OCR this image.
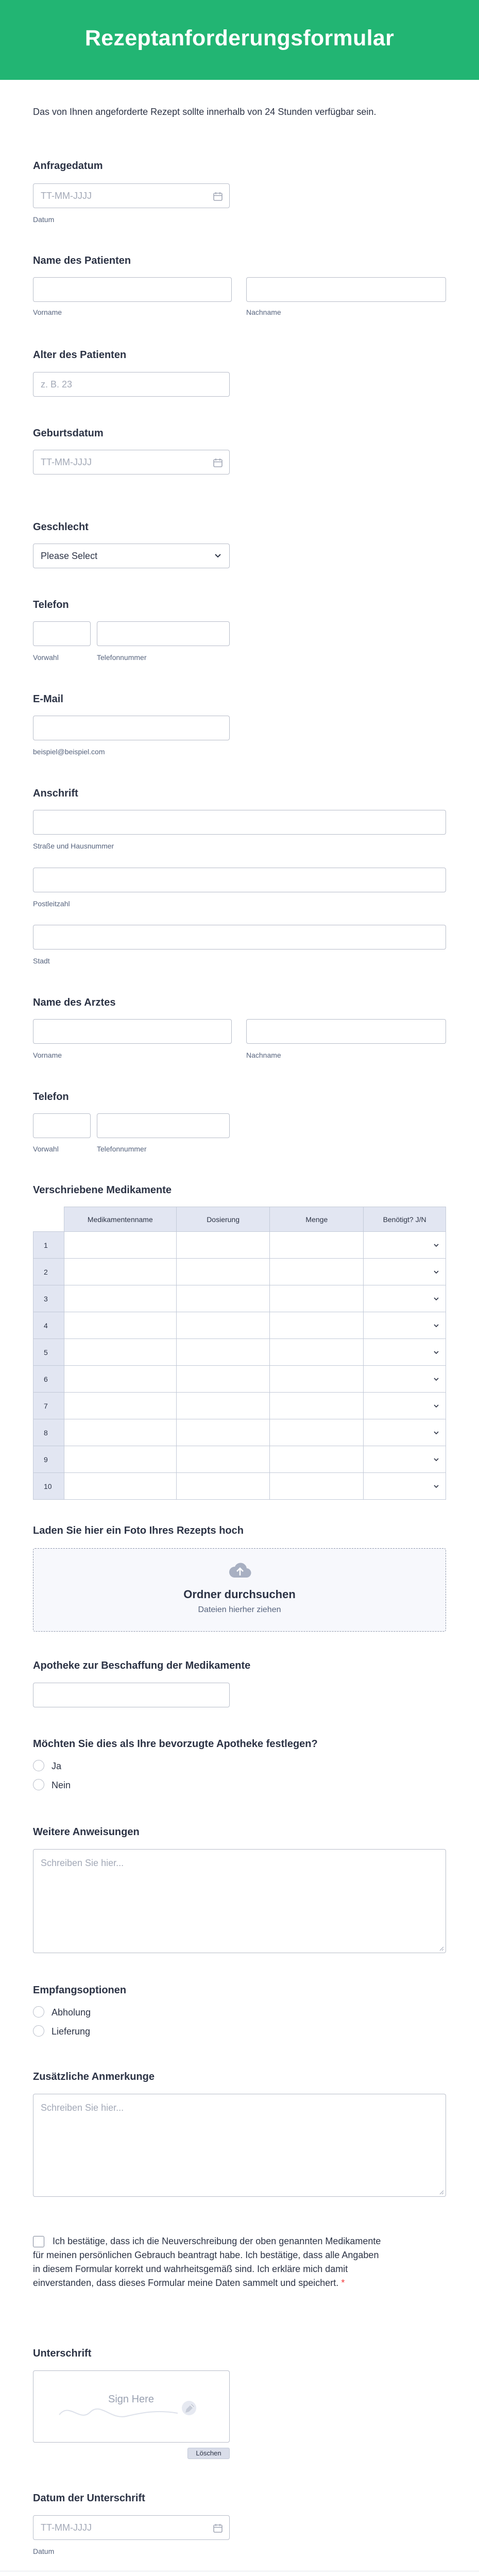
Rezeptanforderungsformular
Das von Ihnen angeforderte Rezept sollte innerhalb von 24 Stunden verfügbar sein.
Anfragedatum
TT-MM-JJJJ
Datum
Name des Patienten
Vorname	Nachname
Alter des Patienten
z. B. 23
Geburtsdatum
TT-MM-JJJJ
Geschlecht
Please Select
Telefon
Vorwahl	Telefonnummer
E-Mail
beispiel@beispiel.com
Anschrift
Straße und Hausnummer
Postleitzahl
Stadt
Name des Arztes
Vorname	Nachname
Telefon
Vorwahl	Telefonnummer
Verschriebene Medikamente
	Medikamentenname	Dosierung	Menge	Benötigt? J/N
1				

2				

3				

4				

5				

6				

7				

8				

9				

10				
Laden Sie hier ein Foto Ihres Rezepts hoch
Ordner durchsuchen
Dateien hierher ziehen
Apotheke zur Beschaffung der Medikamente
Möchten Sie dies als Ihre bevorzugte Apotheke festlegen?
Ja
Nein
Weitere Anweisungen
Schreiben Sie hier...
Empfangsoptionen
Abholung
Lieferung
Zusätzliche Anmerkunge
Schreiben Sie hier...
Ich bestätige, dass ich die Neuverschreibung der oben genannten Medikamente für meinen persönlichen Gebrauch beantragt habe. Ich bestätige, dass alle Angaben in diesem Formular korrekt und wahrheitsgemäß sind. Ich erkläre mich damit einverstanden, dass dieses Formular meine Daten sammelt und speichert. *
Unterschrift
Sign Here
Löschen
Datum der Unterschrift
TT-MM-JJJJ
Datum
